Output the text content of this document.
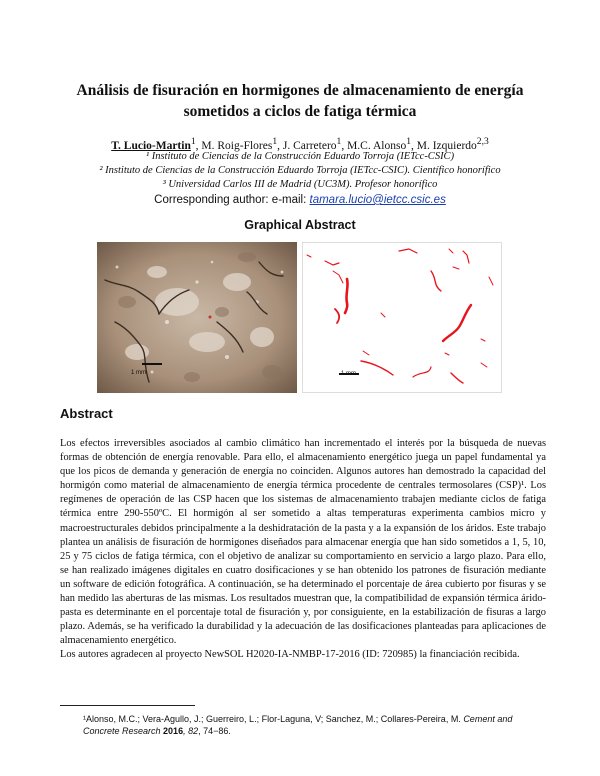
Análisis de fisuración en hormigones de almacenamiento de energía sometidos a ciclos de fatiga térmica
T. Lucio-Martin$^1$, M. Roig-Flores$^1$, J. Carretero$^1$, M.C. Alonso$^1$, M. Izquierdo$^{2,3}$
¹ Instituto de Ciencias de la Construcción Eduardo Torroja (IETcc-CSIC)
² Instituto de Ciencias de la Construcción Eduardo Torroja (IETcc-CSIC). Científico honorífico
³ Universidad Carlos III de Madrid (UC3M). Profesor honorífico
Corresponding author: e-mail: tamara.lucio@ietcc.csic.es
Graphical Abstract
1 mm	1 mm
Abstract

Los efectos irreversibles asociados al cambio climático han incrementado el interés por la búsqueda de nuevas formas de obtención de energía renovable. Para ello, el almacenamiento energético juega un papel fundamental ya que los picos de demanda y generación de energía no coinciden. Algunos autores han demostrado la capacidad del hormigón como material de almacenamiento de energía térmica procedente de centrales termosolares (CSP)¹. Los regímenes de operación de las CSP hacen que los sistemas de almacenamiento trabajen mediante ciclos de fatiga térmica entre 290-550ºC. El hormigón al ser sometido a altas temperaturas experimenta cambios micro y macroestructurales debidos principalmente a la deshidratación de la pasta y a la expansión de los áridos. Este trabajo plantea un análisis de fisuración de hormigones diseñados para almacenar energía que han sido sometidos a 1, 5, 10, 25 y 75 ciclos de fatiga térmica, con el objetivo de analizar su comportamiento en servicio a largo plazo. Para ello, se han realizado imágenes digitales en cuatro dosificaciones y se han obtenido los patrones de fisuración mediante un software de edición fotográfica. A continuación, se ha determinado el porcentaje de área cubierto por fisuras y se han medido las aberturas de las mismas. Los resultados muestran que, la compatibilidad de expansión térmica árido-pasta es determinante en el porcentaje total de fisuración y, por consiguiente, en la estabilización de fisuras a largo plazo. Además, se ha verificado la durabilidad y la adecuación de las dosificaciones planteadas para aplicaciones de almacenamiento energético.

Los autores agradecen al proyecto NewSOL H2020-IA-NMBP-17-2016 (ID: 720985) la financiación recibida.

¹Alonso, M.C.; Vera-Agullo, J.; Guerreiro, L.; Flor-Laguna, V; Sanchez, M.; Collares-Pereira, M. Cement and Concrete Research 2016, 82, 74−86.
